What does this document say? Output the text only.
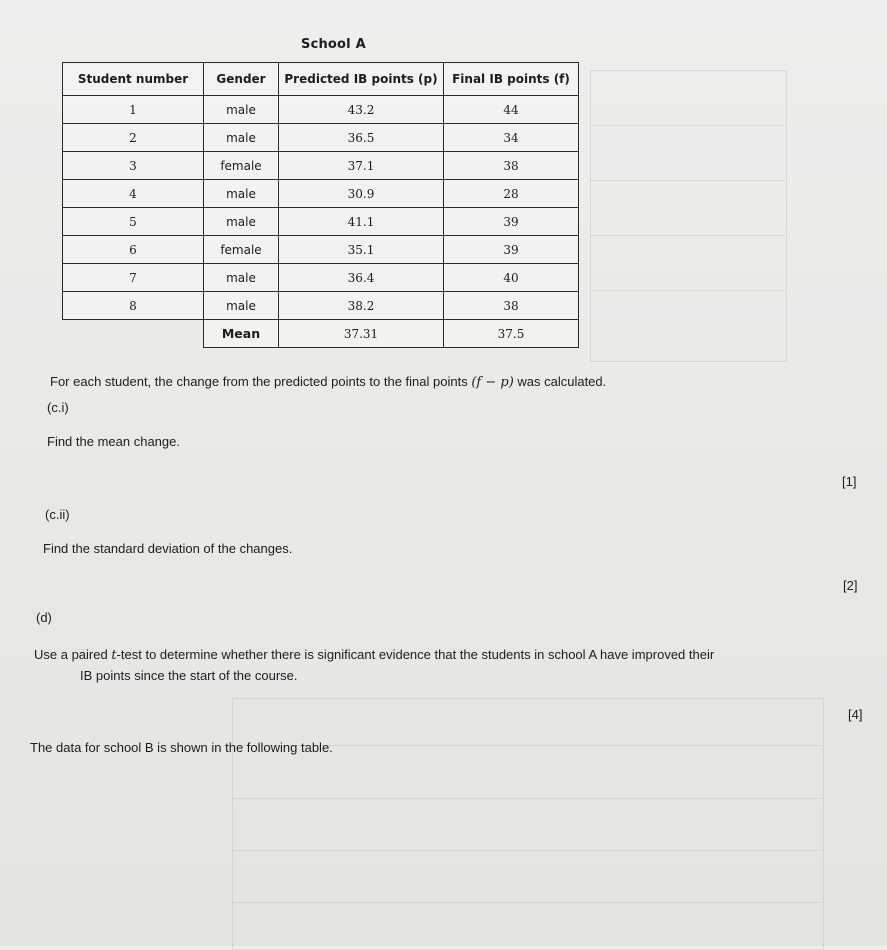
School A
Student number	Gender	Predicted IB points (p)	Final IB points (f)
1	male	43.2	44
2	male	36.5	34
3	female	37.1	38
4	male	30.9	28
5	male	41.1	39
6	female	35.1	39
7	male	36.4	40
8	male	38.2	38
	Mean	37.31	37.5
For each student, the change from the predicted points to the final points (f − p) was calculated.
(c.i)
Find the mean change.
[1]
(c.ii)
Find the standard deviation of the changes.
[2]
(d)
Use a paired t-test to determine whether there is significant evidence that the students in school A have improved their
IB points since the start of the course.
[4]
The data for school B is shown in the following table.
